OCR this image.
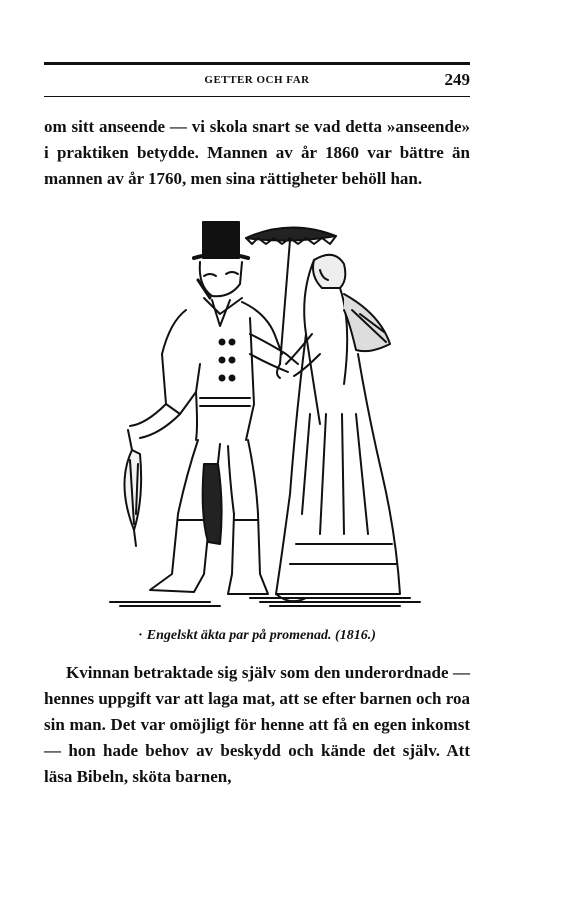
GETTER OCH FAR	249

om sitt anseende — vi skola snart se vad detta »anseende» i praktiken betydde. Mannen av år 1860 var bättre än mannen av år 1760, men sina rättigheter behöll han.

· Engelskt äkta par på promenad. (1816.)

Kvinnan betraktade sig själv som den underordnade — hennes uppgift var att laga mat, att se efter barnen och roa sin man. Det var omöjligt för henne att få en egen inkomst — hon hade behov av beskydd och kände det själv. Att läsa Bibeln, sköta barnen,
